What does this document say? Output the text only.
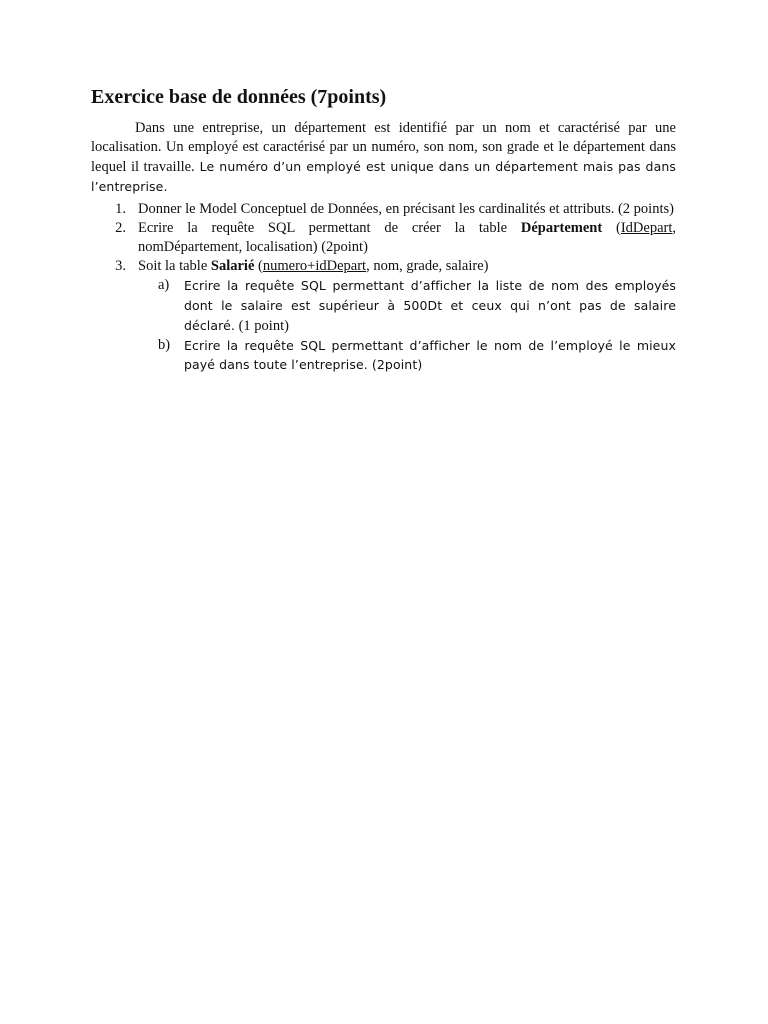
Exercice base de données (7points)

Dans une entreprise, un département est identifié par un nom et caractérisé par une localisation. Un employé est caractérisé par un numéro, son nom, son grade et le département dans lequel il travaille. Le numéro d’un employé est unique dans un département mais pas dans l’entreprise.

1. Donner le Model Conceptuel de Données, en précisant les cardinalités et attributs. (2 points)
2. Ecrire la requête SQL permettant de créer la table Département (IdDepart, nomDépartement, localisation) (2point)
3. Soit la table Salarié (numero+idDepart, nom, grade, salaire)
a)	Ecrire la requête SQL permettant d’afficher la liste de nom des employés dont le salaire est supérieur à 500Dt et ceux qui n’ont pas de salaire déclaré. (1 point)
b)	Ecrire la requête SQL permettant d’afficher le nom de l’employé le mieux payé dans toute l’entreprise. (2point)
